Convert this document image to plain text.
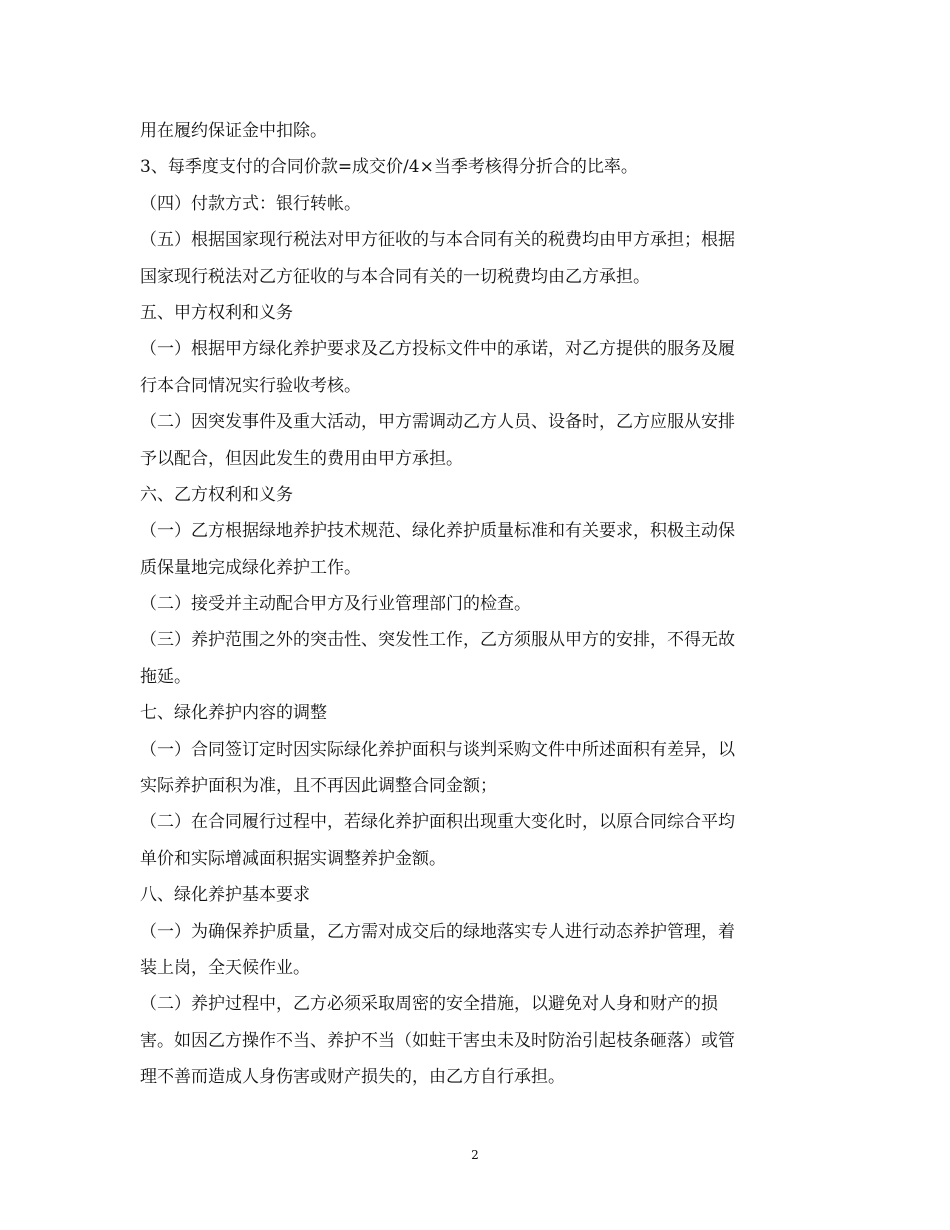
用在履约保证金中扣除。

3、每季度支付的合同价款=成交价/4×当季考核得分折合的比率。

（四）付款方式：银行转帐。

（五）根据国家现行税法对甲方征收的与本合同有关的税费均由甲方承担；根据

国家现行税法对乙方征收的与本合同有关的一切税费均由乙方承担。

五、甲方权利和义务

（一）根据甲方绿化养护要求及乙方投标文件中的承诺，对乙方提供的服务及履

行本合同情况实行验收考核。

（二）因突发事件及重大活动，甲方需调动乙方人员、设备时，乙方应服从安排

予以配合，但因此发生的费用由甲方承担。

六、乙方权利和义务

（一）乙方根据绿地养护技术规范、绿化养护质量标准和有关要求，积极主动保

质保量地完成绿化养护工作。

（二）接受并主动配合甲方及行业管理部门的检查。

（三）养护范围之外的突击性、突发性工作，乙方须服从甲方的安排，不得无故

拖延。

七、绿化养护内容的调整

（一）合同签订定时因实际绿化养护面积与谈判采购文件中所述面积有差异，以

实际养护面积为准，且不再因此调整合同金额；

（二）在合同履行过程中，若绿化养护面积出现重大变化时，以原合同综合平均

单价和实际增减面积据实调整养护金额。

八、绿化养护基本要求

（一）为确保养护质量，乙方需对成交后的绿地落实专人进行动态养护管理，着

装上岗，全天候作业。

（二）养护过程中，乙方必须采取周密的安全措施，以避免对人身和财产的损

害。如因乙方操作不当、养护不当（如蛀干害虫未及时防治引起枝条砸落）或管

理不善而造成人身伤害或财产损失的，由乙方自行承担。

2
